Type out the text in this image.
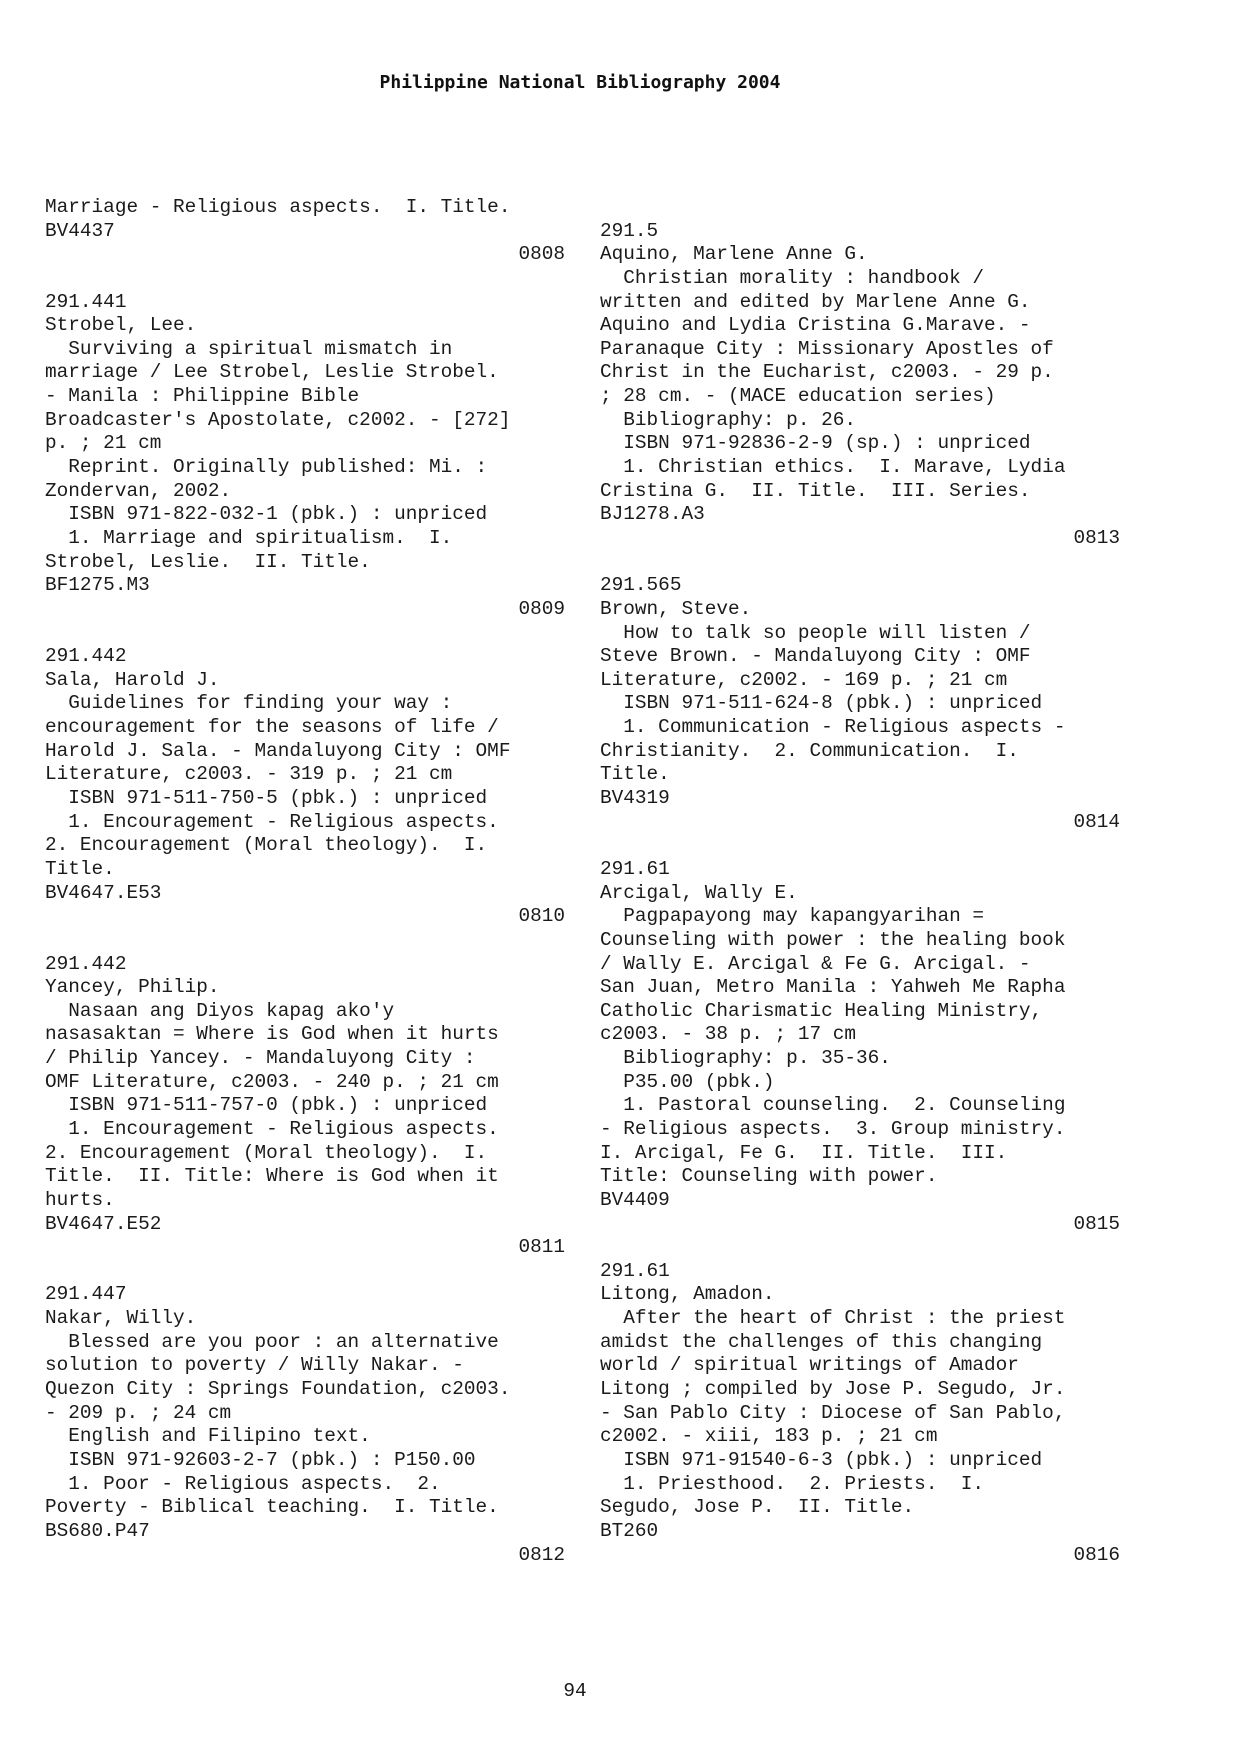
Philippine National Bibliography 2004
Marriage - Religious aspects.  I. Title.
BV4437
0808
291.441
Strobel, Lee.
Surviving a spiritual mismatch in
marriage / Lee Strobel, Leslie Strobel.
- Manila : Philippine Bible
Broadcaster's Apostolate, c2002. - [272]
p. ; 21 cm
Reprint. Originally published: Mi. :
Zondervan, 2002.
ISBN 971-822-032-1 (pbk.) : unpriced
1. Marriage and spiritualism.  I.
Strobel, Leslie.  II. Title.
BF1275.M3
0809
291.442
Sala, Harold J.
Guidelines for finding your way :
encouragement for the seasons of life /
Harold J. Sala. - Mandaluyong City : OMF
Literature, c2003. - 319 p. ; 21 cm
ISBN 971-511-750-5 (pbk.) : unpriced
1. Encouragement - Religious aspects.
2. Encouragement (Moral theology).  I.
Title.
BV4647.E53
0810
291.442
Yancey, Philip.
Nasaan ang Diyos kapag ako'y
nasasaktan = Where is God when it hurts
/ Philip Yancey. - Mandaluyong City :
OMF Literature, c2003. - 240 p. ; 21 cm
ISBN 971-511-757-0 (pbk.) : unpriced
1. Encouragement - Religious aspects.
2. Encouragement (Moral theology).  I.
Title.  II. Title: Where is God when it
hurts.
BV4647.E52
0811
291.447
Nakar, Willy.
Blessed are you poor : an alternative
solution to poverty / Willy Nakar. -
Quezon City : Springs Foundation, c2003.
- 209 p. ; 24 cm
English and Filipino text.
ISBN 971-92603-2-7 (pbk.) : P150.00
1. Poor - Religious aspects.  2.
Poverty - Biblical teaching.  I. Title.
BS680.P47
0812
291.5
Aquino, Marlene Anne G.
Christian morality : handbook /
written and edited by Marlene Anne G.
Aquino and Lydia Cristina G.Marave. -
Paranaque City : Missionary Apostles of
Christ in the Eucharist, c2003. - 29 p.
; 28 cm. - (MACE education series)
Bibliography: p. 26.
ISBN 971-92836-2-9 (sp.) : unpriced
1. Christian ethics.  I. Marave, Lydia
Cristina G.  II. Title.  III. Series.
BJ1278.A3
0813
291.565
Brown, Steve.
How to talk so people will listen /
Steve Brown. - Mandaluyong City : OMF
Literature, c2002. - 169 p. ; 21 cm
ISBN 971-511-624-8 (pbk.) : unpriced
1. Communication - Religious aspects -
Christianity.  2. Communication.  I.
Title.
BV4319
0814
291.61
Arcigal, Wally E.
Pagpapayong may kapangyarihan =
Counseling with power : the healing book
/ Wally E. Arcigal & Fe G. Arcigal. -
San Juan, Metro Manila : Yahweh Me Rapha
Catholic Charismatic Healing Ministry,
c2003. - 38 p. ; 17 cm
Bibliography: p. 35-36.
P35.00 (pbk.)
1. Pastoral counseling.  2. Counseling
- Religious aspects.  3. Group ministry.
I. Arcigal, Fe G.  II. Title.  III.
Title: Counseling with power.
BV4409
0815
291.61
Litong, Amadon.
After the heart of Christ : the priest
amidst the challenges of this changing
world / spiritual writings of Amador
Litong ; compiled by Jose P. Segudo, Jr.
- San Pablo City : Diocese of San Pablo,
c2002. - xiii, 183 p. ; 21 cm
ISBN 971-91540-6-3 (pbk.) : unpriced
1. Priesthood.  2. Priests.  I.
Segudo, Jose P.  II. Title.
BT260
0816
94
